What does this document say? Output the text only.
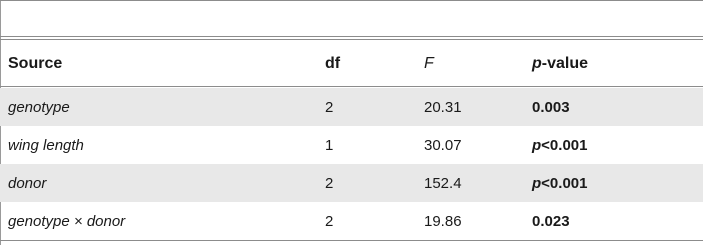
Source	df	F	p -value
genotype	2	20.31	0.003
wing length	1	30.07	p <0.001
donor	2	152.4	p <0.001
genotype × donor	2	19.86	0.023
